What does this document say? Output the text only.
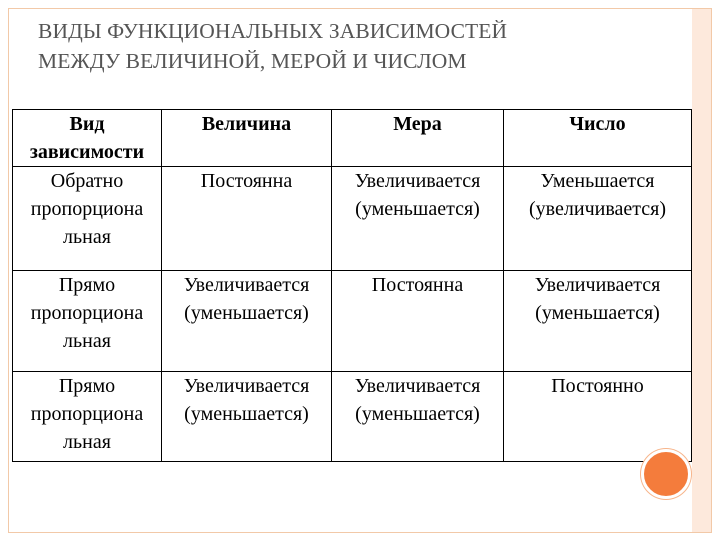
ВИДЫ ФУНКЦИОНАЛЬНЫХ ЗАВИСИМОСТЕЙ
МЕЖДУ ВЕЛИЧИНОЙ, МЕРОЙ И ЧИСЛОМ
Вид
зависимости	Величина	Мера	Число

Обратно
пропорциона
льная	Постоянна	Увеличивается
(уменьшается)	Уменьшается
(увеличивается)

Прямо
пропорциона
льная	Увеличивается
(уменьшается)	Постоянна	Увеличивается
(уменьшается)

Прямо
пропорциона
льная	Увеличивается
(уменьшается)	Увеличивается
(уменьшается)	Постоянно
